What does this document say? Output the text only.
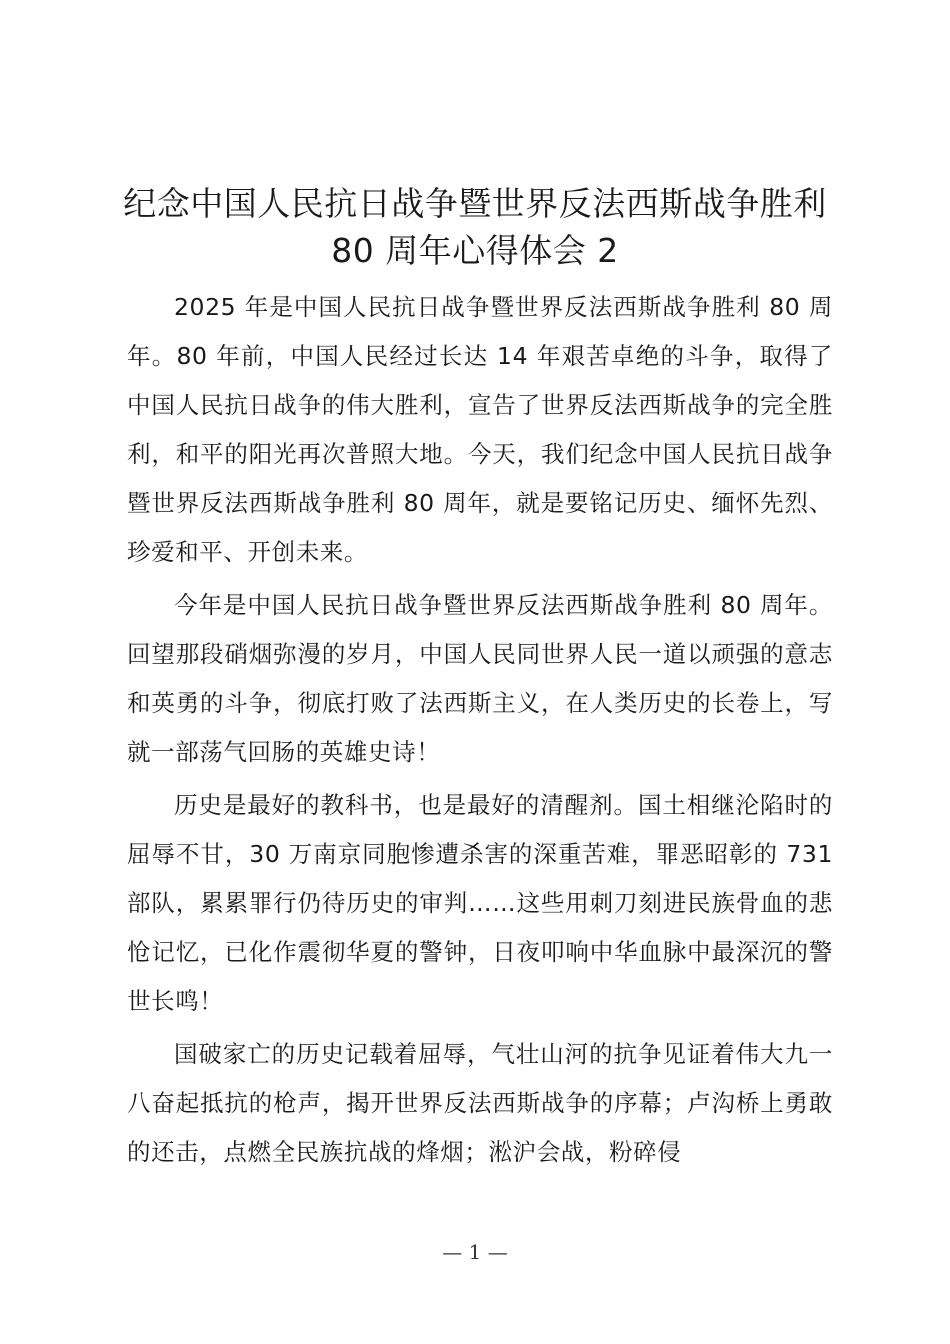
纪念中国人民抗日战争暨世界反法西斯战争胜利 80 周年心得体会 2

2025 年是中国人民抗日战争暨世界反法西斯战争胜利 80 周年。80 年前，中国人民经过长达 14 年艰苦卓绝的斗争，取得了中国人民抗日战争的伟大胜利，宣告了世界反法西斯战争的完全胜利，和平的阳光再次普照大地。今天，我们纪念中国人民抗日战争暨世界反法西斯战争胜利 80 周年，就是要铭记历史、缅怀先烈、珍爱和平、开创未来。

今年是中国人民抗日战争暨世界反法西斯战争胜利 80 周年。回望那段硝烟弥漫的岁月，中国人民同世界人民一道以顽强的意志和英勇的斗争，彻底打败了法西斯主义，在人类历史的长卷上，写就一部荡气回肠的英雄史诗！

历史是最好的教科书，也是最好的清醒剂。国土相继沦陷时的屈辱不甘，30 万南京同胞惨遭杀害的深重苦难，罪恶昭彰的 731 部队，累累罪行仍待历史的审判……这些用刺刀刻进民族骨血的悲怆记忆，已化作震彻华夏的警钟，日夜叩响中华血脉中最深沉的警世长鸣！

国破家亡的历史记载着屈辱，气壮山河的抗争见证着伟大九一八奋起抵抗的枪声，揭开世界反法西斯战争的序幕；卢沟桥上勇敢的还击，点燃全民族抗战的烽烟；淞沪会战，粉碎侵

— 1 —
